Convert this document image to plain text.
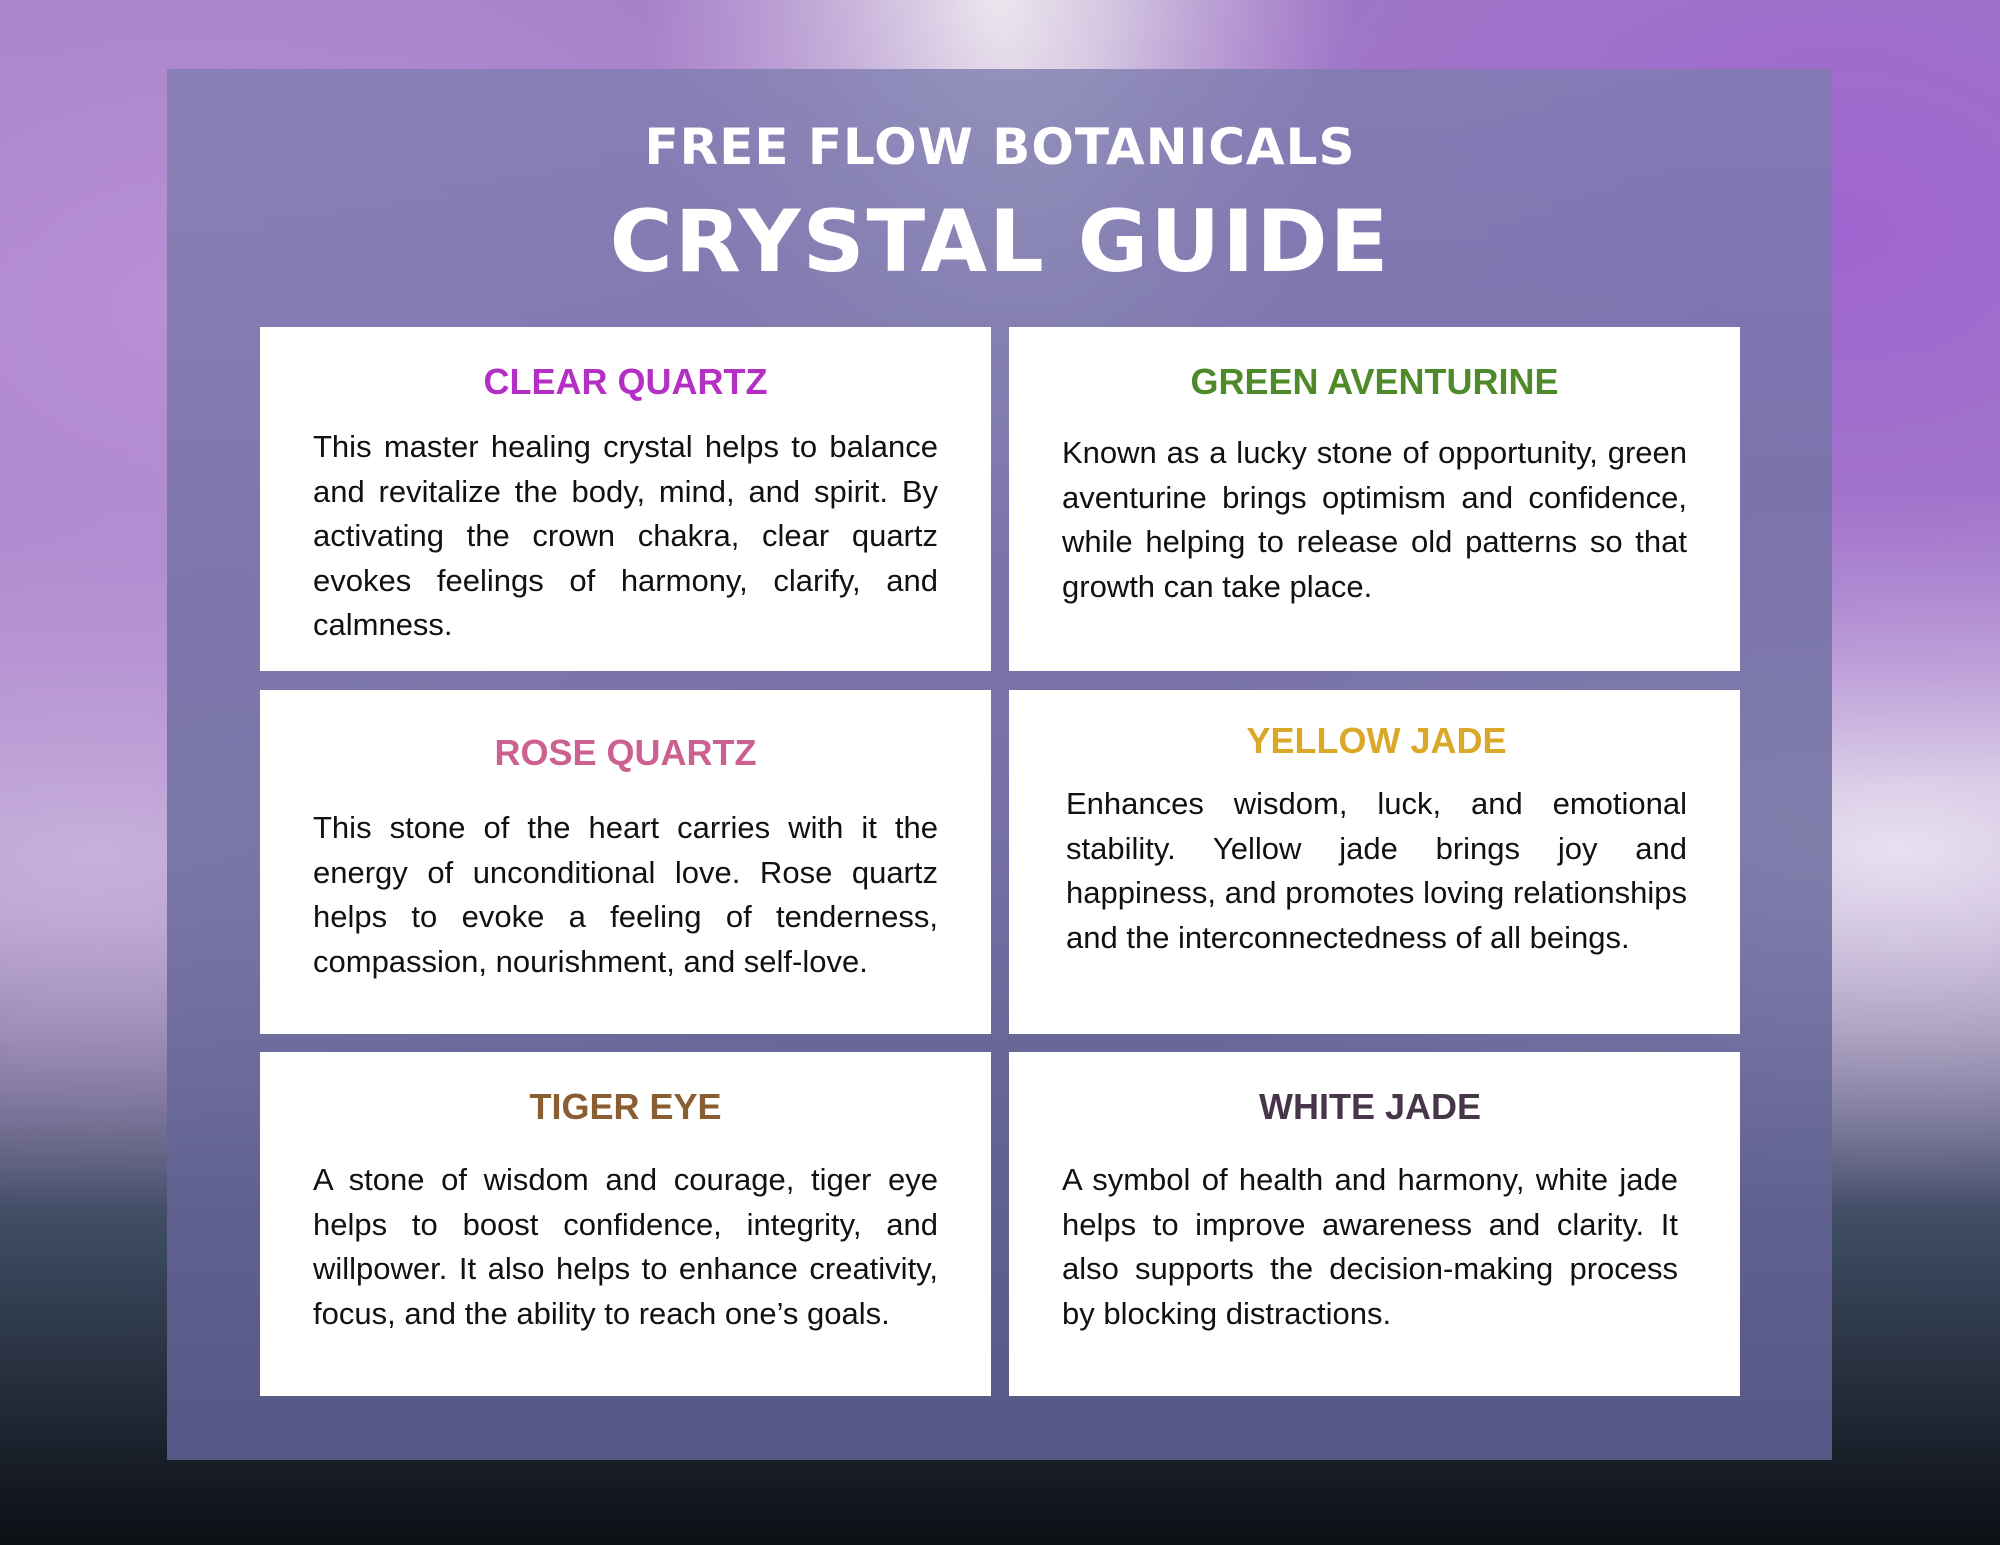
FREE FLOW BOTANICALS
CRYSTAL GUIDE
CLEAR QUARTZ

This master healing crystal helps to balance and revitalize the body, mind, and spirit. By activating the crown chakra, clear quartz evokes feelings of harmony, clarify, and calmness.

GREEN AVENTURINE

Known as a lucky stone of opportunity, green aventurine brings optimism and confidence, while helping to release old patterns so that growth can take place.

ROSE QUARTZ

This stone of the heart carries with it the energy of unconditional love. Rose quartz helps to evoke a feeling of tenderness, compassion, nourishment, and self-love.

YELLOW JADE

Enhances wisdom, luck, and emotional stability. Yellow jade brings joy and happiness, and promotes loving relationships and the interconnectedness of all beings.

TIGER EYE

A stone of wisdom and courage, tiger eye helps to boost confidence, integrity, and willpower. It also helps to enhance creativity, focus, and the ability to reach one’s goals.

WHITE JADE

A symbol of health and harmony, white jade helps to improve awareness and clarity. It also supports the decision-making process by blocking distractions.
